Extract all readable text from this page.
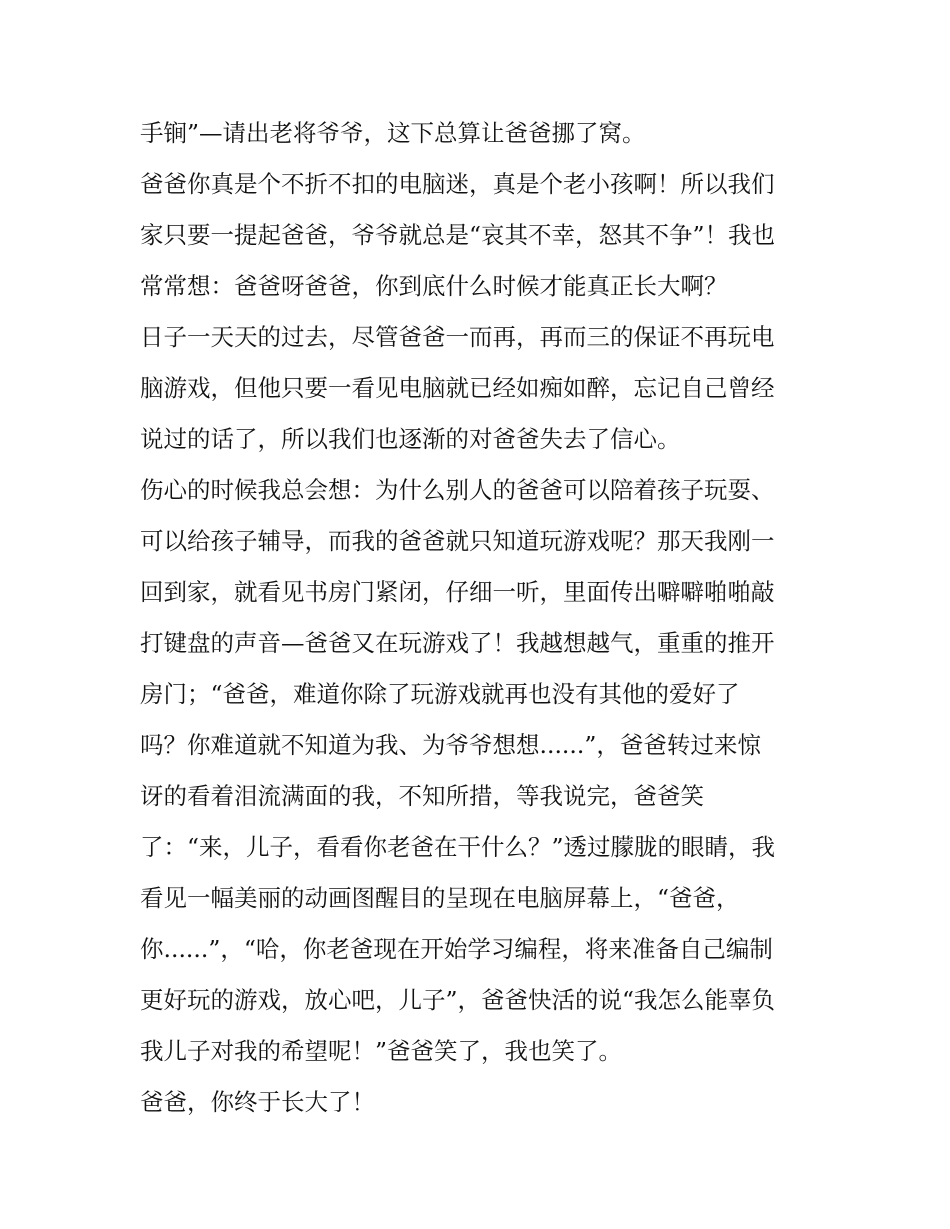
手锏”—请出老将爷爷，这下总算让爸爸挪了窝。
爸爸你真是个不折不扣的电脑迷，真是个老小孩啊！所以我们
家只要一提起爸爸，爷爷就总是“哀其不幸，怒其不争”！我也
常常想：爸爸呀爸爸，你到底什么时候才能真正长大啊？
日子一天天的过去，尽管爸爸一而再，再而三的保证不再玩电
脑游戏，但他只要一看见电脑就已经如痴如醉，忘记自己曾经
说过的话了，所以我们也逐渐的对爸爸失去了信心。
伤心的时候我总会想：为什么别人的爸爸可以陪着孩子玩耍、
可以给孩子辅导，而我的爸爸就只知道玩游戏呢？那天我刚一
回到家，就看见书房门紧闭，仔细一听，里面传出噼噼啪啪敲
打键盘的声音—爸爸又在玩游戏了！我越想越气，重重的推开
房门；“爸爸，难道你除了玩游戏就再也没有其他的爱好了
吗？你难道就不知道为我、为爷爷想想......”，爸爸转过来惊
讶的看着泪流满面的我，不知所措，等我说完，爸爸笑
了：“来，儿子，看看你老爸在干什么？”透过朦胧的眼睛，我
看见一幅美丽的动画图醒目的呈现在电脑屏幕上，“爸爸，
你......”，“哈，你老爸现在开始学习编程，将来准备自己编制
更好玩的游戏，放心吧，儿子”，爸爸快活的说“我怎么能辜负
我儿子对我的希望呢！”爸爸笑了，我也笑了。
爸爸，你终于长大了！
